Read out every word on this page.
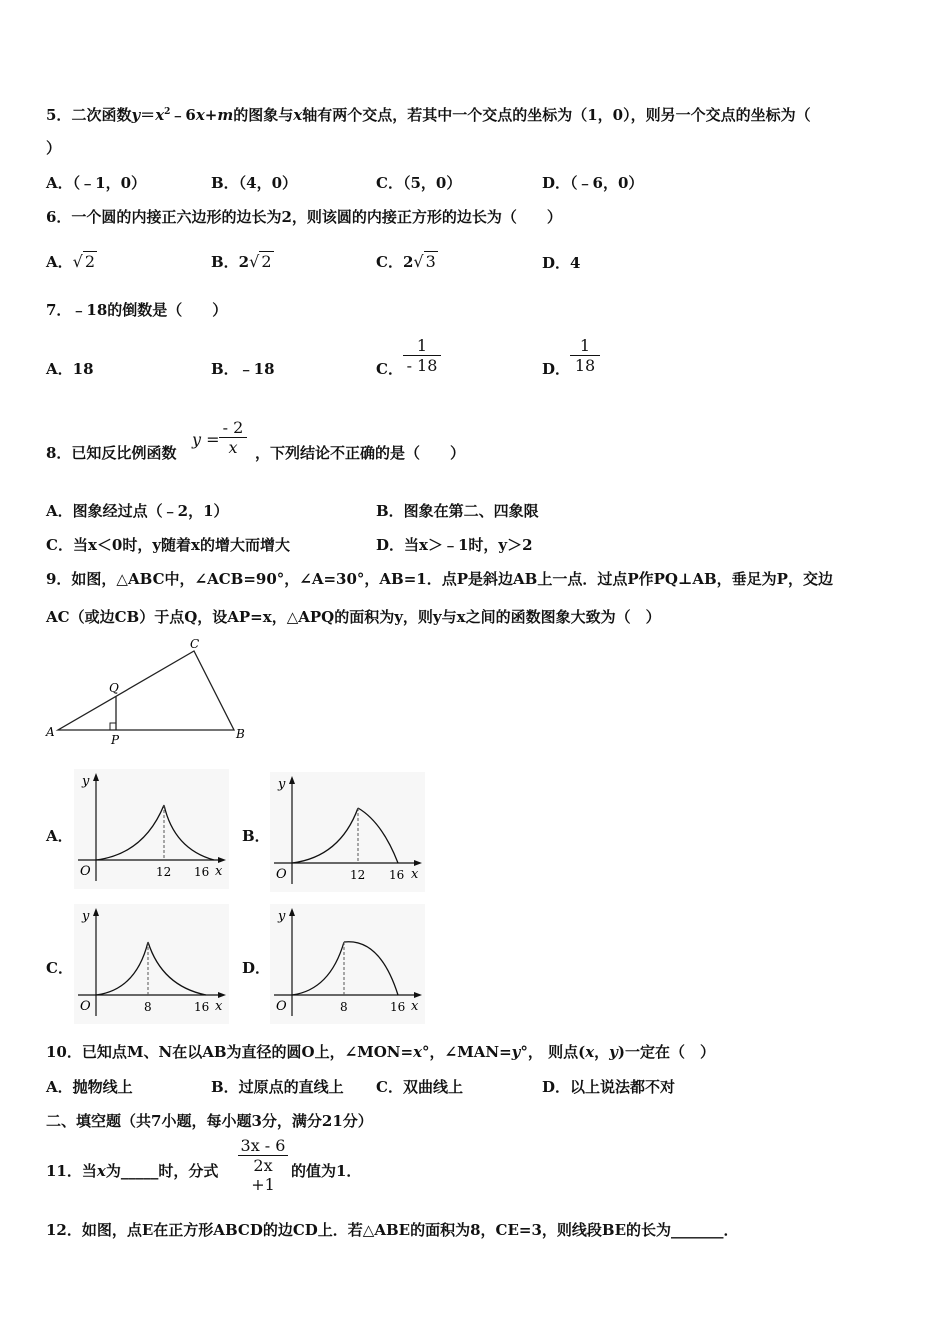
5．二次函数$y=x^2﹣6x+m$的图象与x轴有两个交点，若其中一个交点的坐标为（1，0），则另一个交点的坐标为（
）
A．（﹣1，0）	B．（4，0）	C．（5，0）	D．（﹣6，0）
6．一个圆的内接正六边形的边长为2，则该圆的内接正方形的边长为（　　）
A．√ 2	B．2√ 2	C．2√ 3	D．4
7．﹣18的倒数是（　　）
A．18	B．﹣18	C．
1
- 18	D．
1
18
8．已知反比例函数
y =
- 2
x	，下列结论不正确的是（　　）
A．图象经过点（﹣2，1）	B．图象在第二、四象限
C．当x＜0时，y随着x的增大而增大	D．当x＞﹣1时，y＞2
9．如图，△ABC中，∠ACB=90°，∠A=30°，AB=1．点P是斜边AB上一点．过点P作PQ⊥AB，垂足为P，交边
AC（或边CB）于点Q，设AP=x，△APQ的面积为y，则y与x之间的函数图象大致为（　）
A	B
C
P
Q
A．	B．
C．	D．
O
y
x
12 16	O
y
x
12 16
O
y
x
8	16	O
y
x
8	16
10．已知点M、N在以AB为直径的圆O上，∠MON=x°，∠MAN=y°， 则点(x，y)一定在（　）
A．抛物线上	B．过原点的直线上 C．双曲线上	D．以上说法都不对
二、填空题（共7小题，每小题3分，满分21分）
11．当x为_____时，分式
3x - 6
2x +1
的值为1．
12．如图，点E在正方形ABCD的边CD上．若△ABE的面积为8，CE=3，则线段BE的长为_______．
